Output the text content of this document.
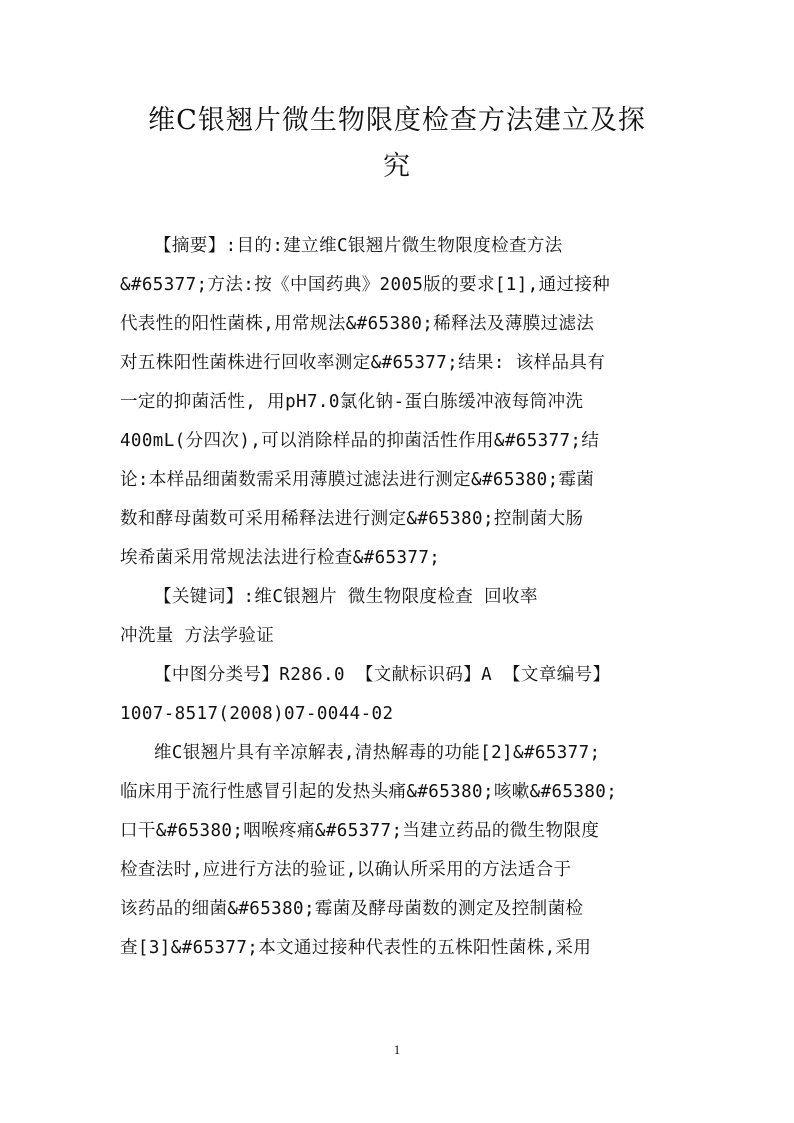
维C银翘片微生物限度检查方法建立及探
究
【摘要】:目的:建立维C银翘片微生物限度检查方法
&#65377;方法:按《中国药典》2005版的要求[1],通过接种
代表性的阳性菌株,用常规法&#65380;稀释法及薄膜过滤法
对五株阳性菌株进行回收率测定&#65377;结果: 该样品具有
一定的抑菌活性, 用pH7.0氯化钠-蛋白胨缓冲液每筒冲洗
400mL(分四次),可以消除样品的抑菌活性作用&#65377;结
论:本样品细菌数需采用薄膜过滤法进行测定&#65380;霉菌
数和酵母菌数可采用稀释法进行测定&#65380;控制菌大肠
埃希菌采用常规法法进行检查&#65377;
【关键词】:维C银翘片 微生物限度检查 回收率
冲洗量 方法学验证
【中图分类号】R286.0 【文献标识码】A 【文章编号】
1007-8517(2008)07-0044-02
维C银翘片具有辛凉解表,清热解毒的功能[2]&#65377;
临床用于流行性感冒引起的发热头痛&#65380;咳嗽&#65380;
口干&#65380;咽喉疼痛&#65377;当建立药品的微生物限度
检查法时,应进行方法的验证,以确认所采用的方法适合于
该药品的细菌&#65380;霉菌及酵母菌数的测定及控制菌检
查[3]&#65377;本文通过接种代表性的五株阳性菌株,采用
1
